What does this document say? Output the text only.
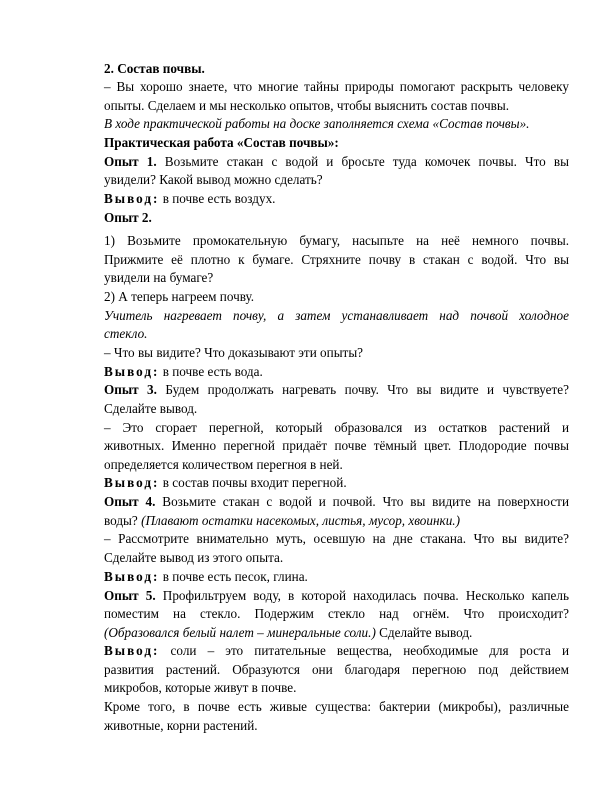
2. Состав почвы.
– Вы хорошо знаете, что многие тайны природы помогают раскрыть человеку
опыты. Сделаем и мы несколько опытов, чтобы выяснить состав почвы.
В ходе практической работы на доске заполняется схема «Состав почвы».
Практическая работа «Состав почвы»:
Опыт 1. Возьмите стакан с водой и бросьте туда комочек почвы. Что вы
увидели? Какой вывод можно сделать?
Вывод: в почве есть воздух.
Опыт 2.
1) Возьмите промокательную бумагу, насыпьте на неё немного почвы.
Прижмите её плотно к бумаге. Стряхните почву в стакан с водой. Что вы
увидели на бумаге?
2) А теперь нагреем почву.
Учитель нагревает почву, а затем устанавливает над почвой холодное
стекло.
– Что вы видите? Что доказывают эти опыты?
Вывод: в почве есть вода.
Опыт 3. Будем продолжать нагревать почву. Что вы видите и чувствуете?
Сделайте вывод.
– Это сгорает перегной, который образовался из остатков растений и
животных. Именно перегной придаёт почве тёмный цвет. Плодородие почвы
определяется количеством перегноя в ней.
Вывод: в состав почвы входит перегной.
Опыт 4. Возьмите стакан с водой и почвой. Что вы видите на поверхности
воды? (Плавают остатки насекомых, листья, мусор, хвоинки.)
– Рассмотрите внимательно муть, осевшую на дне стакана. Что вы видите?
Сделайте вывод из этого опыта.
Вывод: в почве есть песок, глина.
Опыт 5. Профильтруем воду, в которой находилась почва. Несколько капель
поместим на стекло. Подержим стекло над огнём. Что происходит?
(Образовался белый налет – минеральные соли.) Сделайте вывод.
Вывод: соли – это питательные вещества, необходимые для роста и
развития растений. Образуются они благодаря перегною под действием
микробов, которые живут в почве.
Кроме того, в почве есть живые существа: бактерии (микробы), различные
животные, корни растений.
